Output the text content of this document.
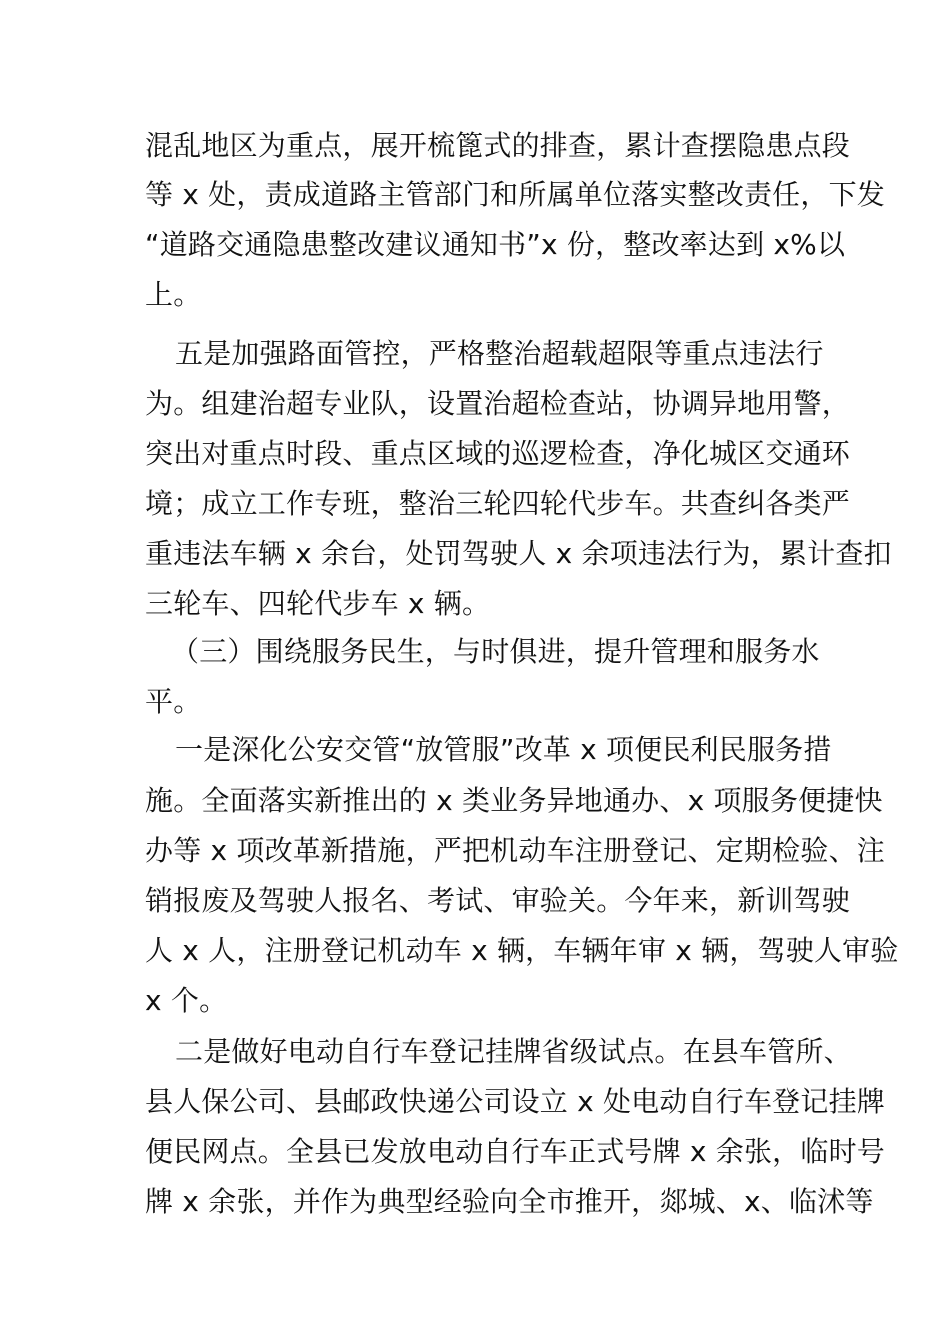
混乱地区为重点，展开梳篦式的排查，累计查摆隐患点段
等 x 处，责成道路主管部门和所属单位落实整改责任，下发
“道路交通隐患整改建议通知书”x 份，整改率达到 x%以
上。
五是加强路面管控，严格整治超载超限等重点违法行
为。组建治超专业队，设置治超检查站，协调异地用警，
突出对重点时段、重点区域的巡逻检查，净化城区交通环
境；成立工作专班，整治三轮四轮代步车。共查纠各类严
重违法车辆 x 余台，处罚驾驶人 x 余项违法行为，累计查扣
三轮车、四轮代步车 x 辆。
（三）围绕服务民生，与时俱进，提升管理和服务水
平。
一是深化公安交管“放管服”改革 x 项便民利民服务措
施。全面落实新推出的 x 类业务异地通办、x 项服务便捷快
办等 x 项改革新措施，严把机动车注册登记、定期检验、注
销报废及驾驶人报名、考试、审验关。今年来，新训驾驶
人 x 人，注册登记机动车 x 辆，车辆年审 x 辆，驾驶人审验
x 个。
二是做好电动自行车登记挂牌省级试点。在县车管所、
县人保公司、县邮政快递公司设立 x 处电动自行车登记挂牌
便民网点。全县已发放电动自行车正式号牌 x 余张，临时号
牌 x 余张，并作为典型经验向全市推开，郯城、x、临沭等
